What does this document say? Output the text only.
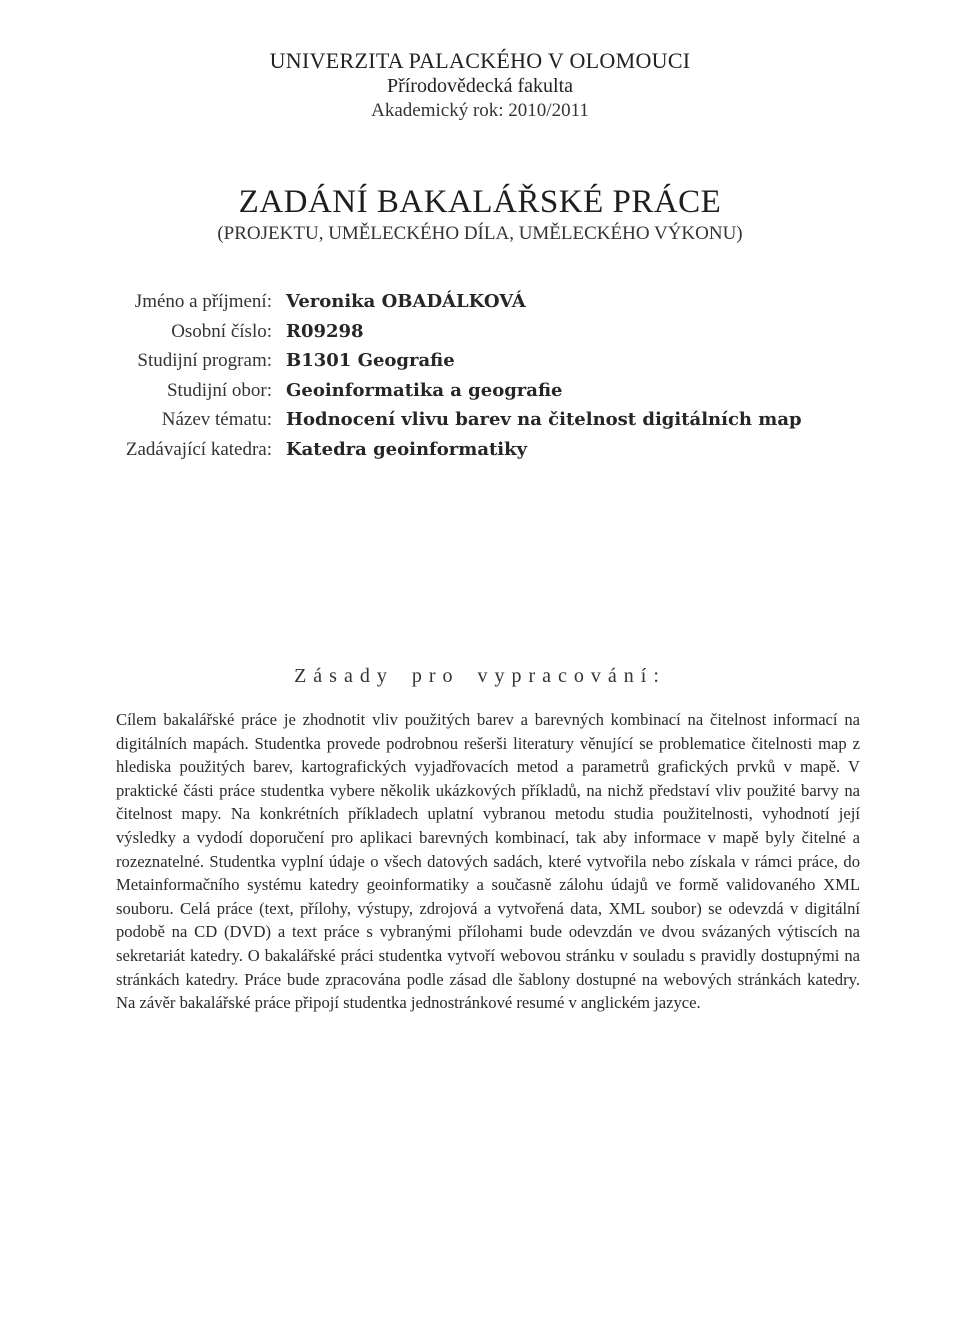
UNIVERZITA PALACKÉHO V OLOMOUCI
Přírodovědecká fakulta
Akademický rok: 2010/2011
ZADÁNÍ BAKALÁŘSKÉ PRÁCE
(PROJEKTU, UMĚLECKÉHO DÍLA, UMĚLECKÉHO VÝKONU)
Jméno a příjmení: Veronika OBADÁLKOVÁ
Osobní číslo: R09298
Studijní program: B1301 Geografie
Studijní obor: Geoinformatika a geografie
Název tématu: Hodnocení vlivu barev na čitelnost digitálních map
Zadávající katedra: Katedra geoinformatiky
Zásady pro vypracování:
Cílem bakalářské práce je zhodnotit vliv použitých barev a barevných kombinací na čitelnost informací na digitálních mapách. Studentka provede podrobnou rešerši literatury věnující se problematice čitelnosti map z hlediska použitých barev, kartografických vyjadřovacích metod a parametrů grafických prvků v mapě. V praktické části práce studentka vybere několik ukázkových příkladů, na nichž představí vliv použité barvy na čitelnost mapy. Na konkrétních příkladech uplatní vybranou metodu studia použitelnosti, vyhodnotí její výsledky a vydodí doporučení pro aplikaci barevných kombinací, tak aby informace v mapě byly čitelné a rozeznatelné. Studentka vyplní údaje o všech datových sadách, které vytvořila nebo získala v rámci práce, do Metainformačního systému katedry geoinformatiky a současně zálohu údajů ve formě validovaného XML souboru. Celá práce (text, přílohy, výstupy, zdrojová a vytvořená data, XML soubor) se odevzdá v digitální podobě na CD (DVD) a text práce s vybranými přílohami bude odevzdán ve dvou svázaných výtiscích na sekretariát katedry. O bakalářské práci studentka vytvoří webovou stránku v souladu s pravidly dostupnými na stránkách katedry. Práce bude zpracována podle zásad dle šablony dostupné na webových stránkách katedry. Na závěr bakalářské práce připojí studentka jednostránkové resumé v anglickém jazyce.
